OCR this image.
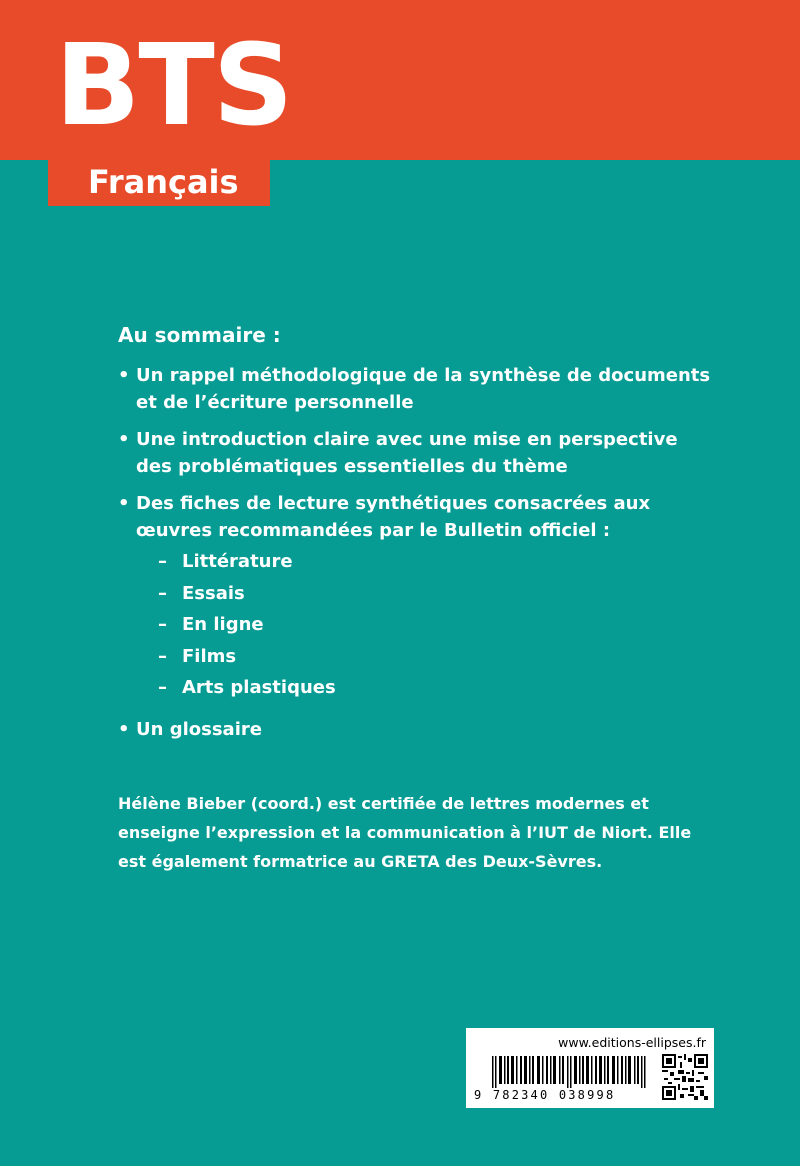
BTS
Français
Au sommaire :
• Un rappel méthodologique de la synthèse de documents et de l’écriture personnelle
• Une introduction claire avec une mise en perspective des problématiques essentielles du thème
• Des fiches de lecture synthétiques consacrées aux œuvres recommandées par le Bulletin officiel :
– Littérature
– Essais
– En ligne
– Films
– Arts plastiques
• Un glossaire
Hélène Bieber (coord.) est certifiée de lettres modernes et enseigne l’expression et la communication à l’IUT de Niort. Elle est également formatrice au GRETA des Deux-Sèvres.
www.editions-ellipses.fr
9 782340 038998
